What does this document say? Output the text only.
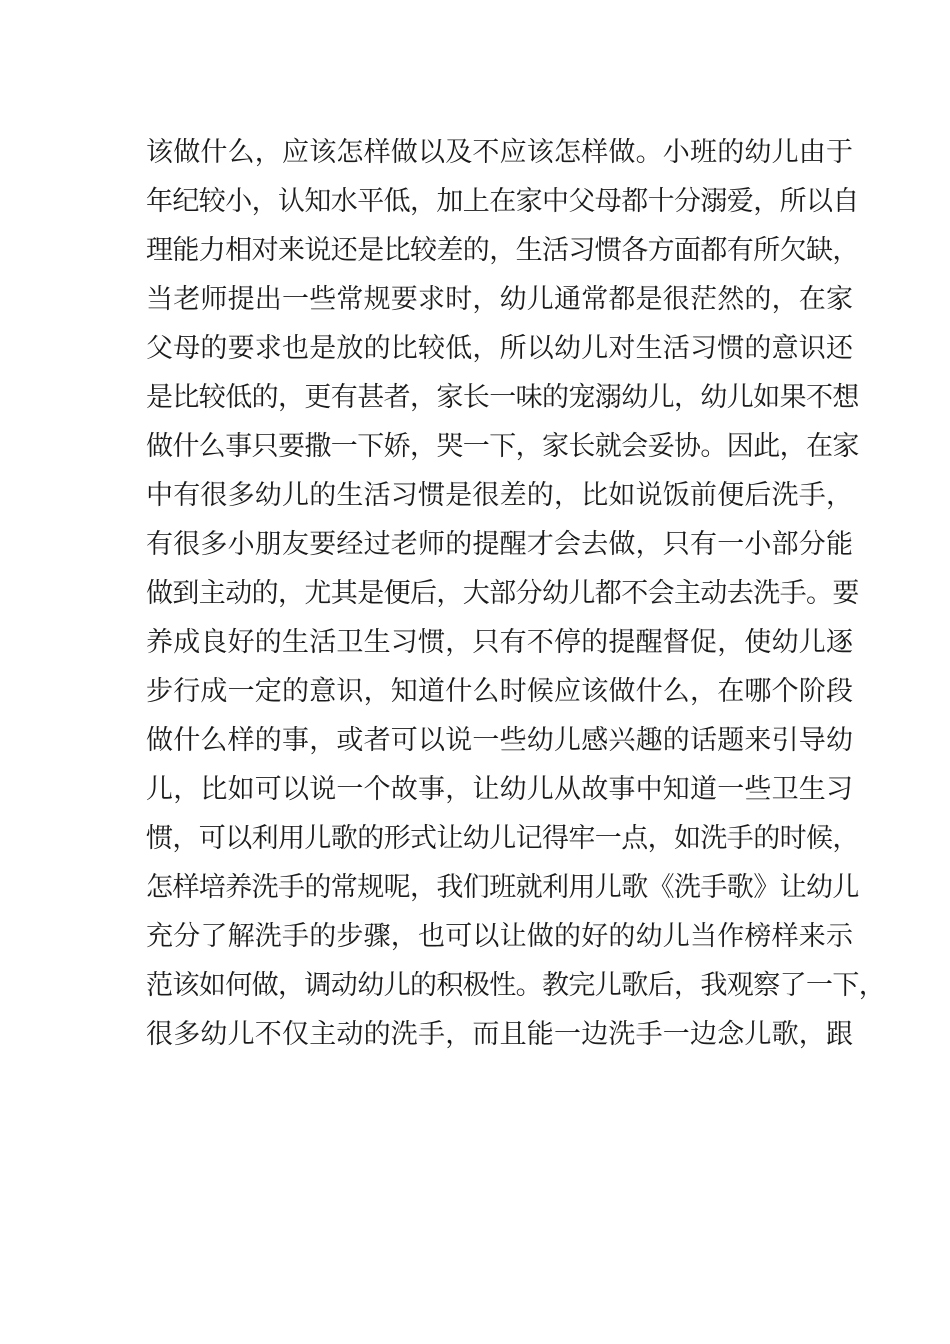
该做什么，应该怎样做以及不应该怎样做。小班的幼儿由于
年纪较小，认知水平低，加上在家中父母都十分溺爱，所以自
理能力相对来说还是比较差的，生活习惯各方面都有所欠缺，
当老师提出一些常规要求时，幼儿通常都是很茫然的，在家
父母的要求也是放的比较低，所以幼儿对生活习惯的意识还
是比较低的，更有甚者，家长一味的宠溺幼儿，幼儿如果不想
做什么事只要撒一下娇，哭一下，家长就会妥协。因此，在家
中有很多幼儿的生活习惯是很差的，比如说饭前便后洗手，
有很多小朋友要经过老师的提醒才会去做，只有一小部分能
做到主动的，尤其是便后，大部分幼儿都不会主动去洗手。要
养成良好的生活卫生习惯，只有不停的提醒督促，使幼儿逐
步行成一定的意识，知道什么时候应该做什么，在哪个阶段
做什么样的事，或者可以说一些幼儿感兴趣的话题来引导幼
儿，比如可以说一个故事，让幼儿从故事中知道一些卫生习
惯，可以利用儿歌的形式让幼儿记得牢一点，如洗手的时候，
怎样培养洗手的常规呢，我们班就利用儿歌《洗手歌》让幼儿
充分了解洗手的步骤，也可以让做的好的幼儿当作榜样来示
范该如何做，调动幼儿的积极性。教完儿歌后，我观察了一下，
很多幼儿不仅主动的洗手，而且能一边洗手一边念儿歌，跟
